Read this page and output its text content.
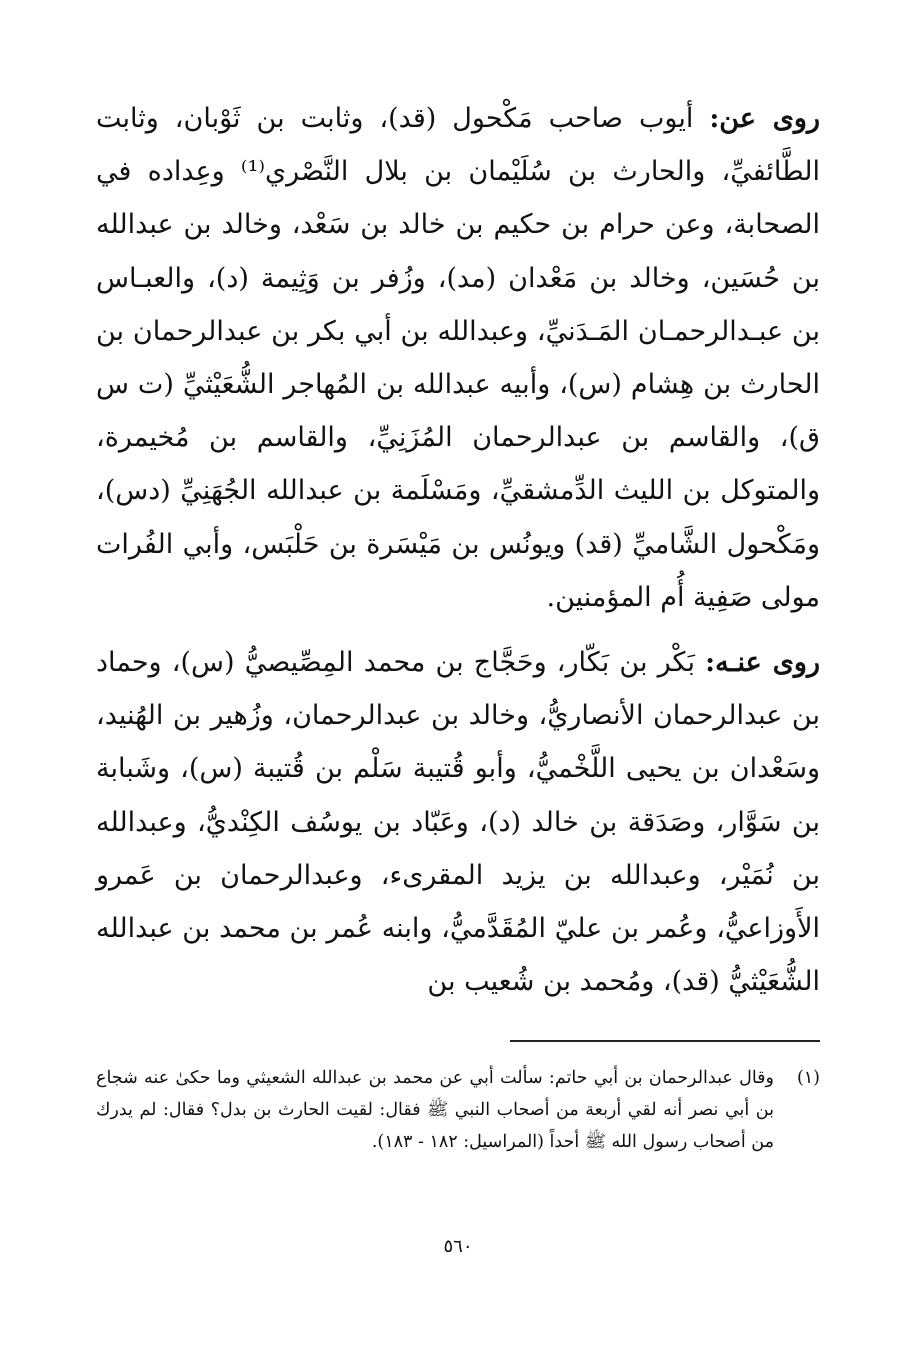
روى عن: أيوب صاحب مَكْحول (قد)، وثابت بن ثَوْبان، وثابت الطَّائفيِّ، والحارث بن سُلَيْمان بن بلال النَّصْري⁽¹⁾ وعِداده في الصحابة، وعن حرام بن حكيم بن خالد بن سَعْد، وخالد بن عبدالله بن حُسَين، وخالد بن مَعْدان (مد)، وزُفر بن وَثِيمة (د)، والعبـاس بن عبـدالرحمـان المَـدَنيِّ، وعبدالله بن أبي بكر بن عبدالرحمان بن الحارث بن هِشام (س)، وأبيه عبدالله بن المُهاجر الشُّعَيْثيِّ (ت س ق)، والقاسم بن عبدالرحمان المُزَنِيِّ، والقاسم بن مُخيمرة، والمتوكل بن الليث الدِّمشقيِّ، ومَسْلَمة بن عبدالله الجُهَنِيِّ (دس)، ومَكْحول الشَّاميِّ (قد) ويونُس بن مَيْسَرة بن حَلْبَس، وأبي الفُرات مولى صَفِية أُم المؤمنين.

روى عنـه: بَكْر بن بَكّار، وحَجَّاج بن محمد المِصِّيصيُّ (س)، وحماد بن عبدالرحمان الأنصاريُّ، وخالد بن عبدالرحمان، وزُهير بن الهُنيد، وسَعْدان بن يحيى اللَّخْميُّ، وأبو قُتيبة سَلْم بن قُتيبة (س)، وشَبابة بن سَوَّار، وصَدَقة بن خالد (د)، وعَبّاد بن يوسُف الكِنْديُّ، وعبدالله بن نُمَيْر، وعبدالله بن يزيد المقرىء، وعبدالرحمان بن عَمرو الأَوزاعيُّ، وعُمر بن عليّ المُقَدَّميُّ، وابنه عُمر بن محمد بن عبدالله الشُّعَيْثيُّ (قد)، ومُحمد بن شُعيب بن

(١)
وقال عبدالرحمان بن أبي حاتم: سألت أبي عن محمد بن عبدالله الشعيثي وما حكىٰ عنه شجاع بن أبي نصر أنه لقي أربعة من أصحاب النبي ﷺ فقال: لقيت الحارث بن بدل؟ فقال: لم يدرك من أصحاب رسول الله ﷺ أحداً (المراسيل: ١٨٢ - ١٨٣).
٥٦٠
